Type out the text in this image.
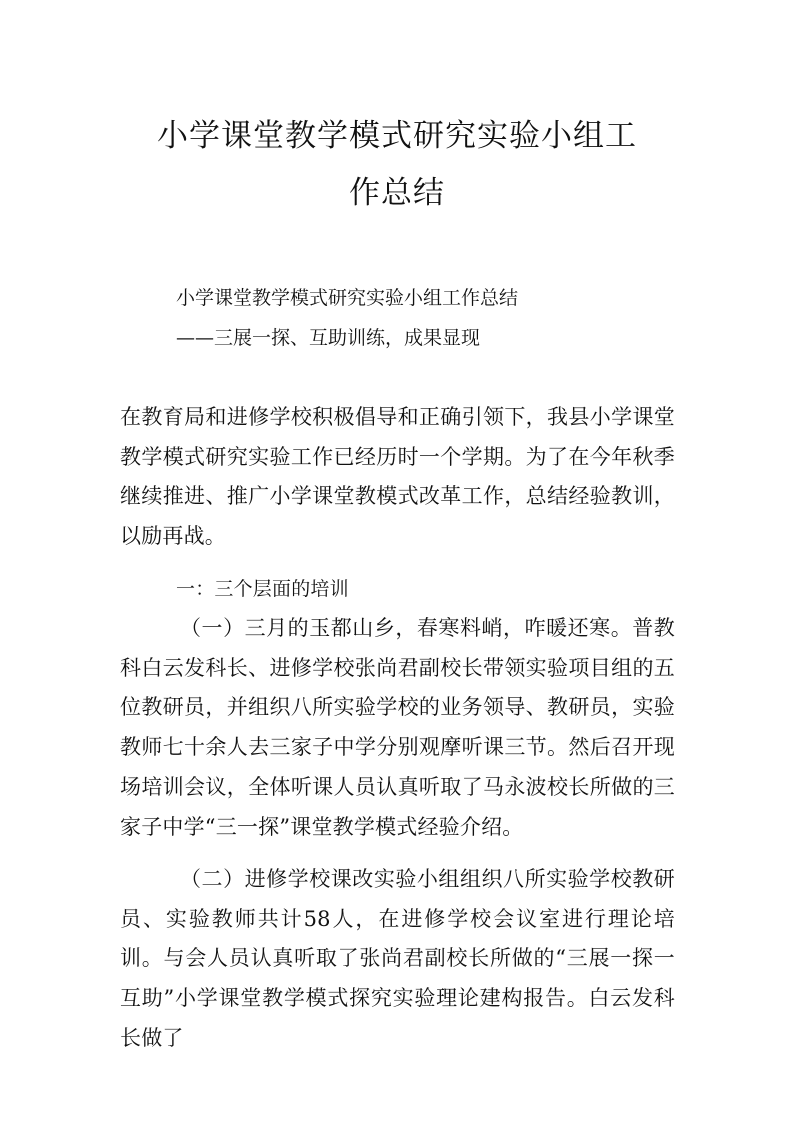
小学课堂教学模式研究实验小组工
作总结

小学课堂教学模式研究实验小组工作总结

——三展一探、互助训练，成果显现

在教育局和进修学校积极倡导和正确引领下，我县小学课堂教学模式研究实验工作已经历时一个学期。为了在今年秋季继续推进、推广小学课堂教模式改革工作，总结经验教训，以励再战。

一：三个层面的培训

（一）三月的玉都山乡，春寒料峭，咋暖还寒。普教科白云发科长、进修学校张尚君副校长带领实验项目组的五位教研员，并组织八所实验学校的业务领导、教研员，实验教师七十余人去三家子中学分别观摩听课三节。然后召开现场培训会议，全体听课人员认真听取了马永波校长所做的三家子中学“三一探”课堂教学模式经验介绍。

（二）进修学校课改实验小组组织八所实验学校教研员、实验教师共计58人，在进修学校会议室进行理论培训。与会人员认真听取了张尚君副校长所做的“三展一探一互助”小学课堂教学模式探究实验理论建构报告。白云发科长做了
